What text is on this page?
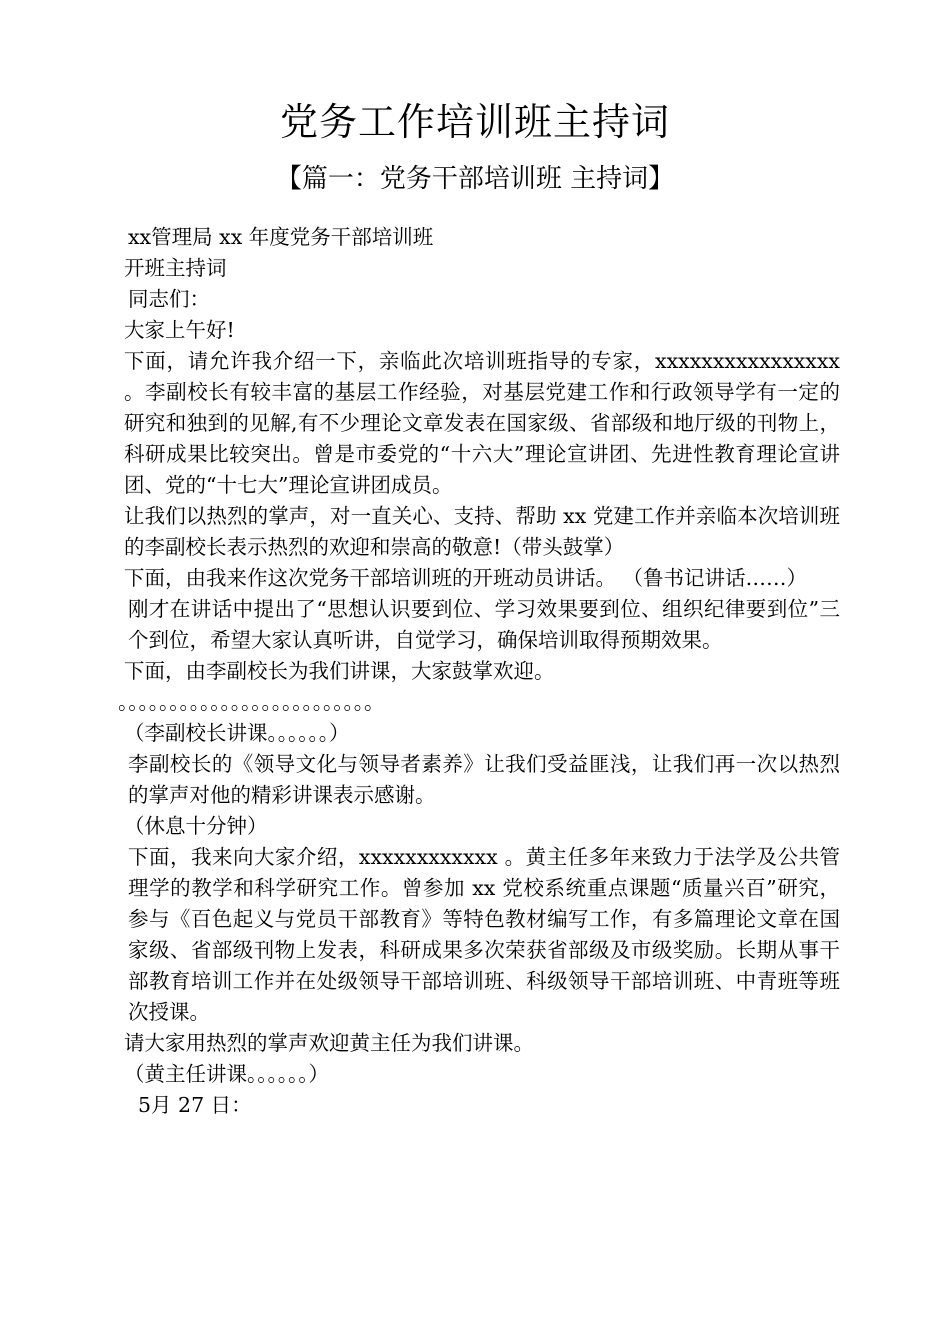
党务工作培训班主持词
【篇一：党务干部培训班 主持词】

xx管理局 xx 年度党务干部培训班

开班主持词

同志们：

大家上午好!

下面，请允许我介绍一下，亲临此次培训班指导的专家，xxxxxxxxxxxxxxxx 。李副校长有较丰富的基层工作经验，对基层党建工作和行政领导学有一定的研究和独到的见解,有不少理论文章发表在国家级、省部级和地厅级的刊物上，科研成果比较突出。曾是市委党的“十六大”理论宣讲团、先进性教育理论宣讲团、党的“十七大”理论宣讲团成员。

让我们以热烈的掌声，对一直关心、支持、帮助 xx 党建工作并亲临本次培训班的李副校长表示热烈的欢迎和崇高的敬意!（带头鼓掌）

下面，由我来作这次党务干部培训班的开班动员讲话。 （鲁书记讲话……）

刚才在讲话中提出了“思想认识要到位、学习效果要到位、组织纪律要到位”三个到位，希望大家认真听讲，自觉学习，确保培训取得预期效果。

下面，由李副校长为我们讲课，大家鼓掌欢迎。

。。。。。。。。。。。。。。。。。。。。。。。。。

（李副校长讲课。。。。。。）

李副校长的《领导文化与领导者素养》让我们受益匪浅，让我们再一次以热烈的掌声对他的精彩讲课表示感谢。

（休息十分钟）

下面，我来向大家介绍，xxxxxxxxxxxx 。黄主任多年来致力于法学及公共管理学的教学和科学研究工作。曾参加 xx 党校系统重点课题“质量兴百”研究，参与《百色起义与党员干部教育》等特色教材编写工作，有多篇理论文章在国家级、省部级刊物上发表，科研成果多次荣获省部级及市级奖励。长期从事干部教育培训工作并在处级领导干部培训班、科级领导干部培训班、中青班等班次授课。

请大家用热烈的掌声欢迎黄主任为我们讲课。

（黄主任讲课。。。。。。）

5月 27 日：
